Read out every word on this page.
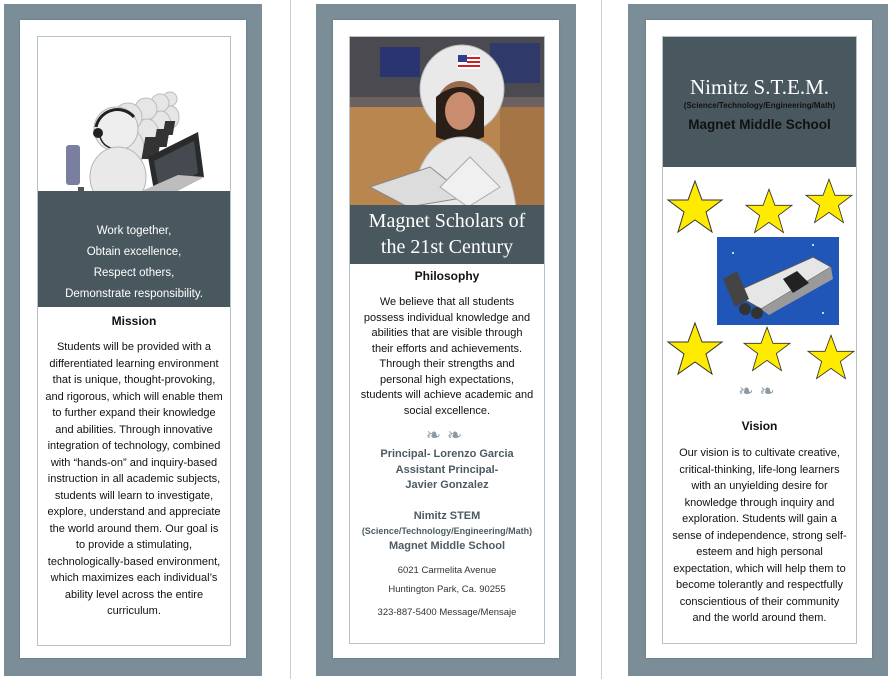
Work together,
Obtain excellence,
Respect others,
Demonstrate responsibility.
Mission
Students will be provided with a differentiated learning environment that is unique, thought-provoking, and rigorous, which will enable them to further expand their knowledge and abilities. Through innovative integration of technology, combined with “hands-on” and inquiry-based instruction in all academic subjects, students will learn to investigate, explore, understand and appreciate the world around them. Our goal is to provide a stimulating, technologically-based environment, which maximizes each individual’s ability level across the entire curriculum.
Magnet Scholars of
the 21st Century
Philosophy
We believe that all students possess individual knowledge and abilities that are visible through their efforts and achievements. Through their strengths and personal high expectations, students will achieve academic and social excellence.
❧❧
Principal- Lorenzo Garcia
Assistant Principal-
Javier Gonzalez
Nimitz STEM
(Science/Technology/Engineering/Math)
Magnet Middle School
6021 Carmelita Avenue
Huntington Park, Ca. 90255
323-887-5400 Message/Mensaje
Nimitz S.T.E.M.
(Science/Technology/Engineering/Math)
Magnet Middle School
❧❧
Vision
Our vision is to cultivate creative, critical-thinking, life-long learners with an unyielding desire for knowledge through inquiry and exploration. Students will gain a sense of independence, strong self-esteem and high personal expectation, which will help them to become tolerantly and respectfully conscientious of their community and the world around them.
